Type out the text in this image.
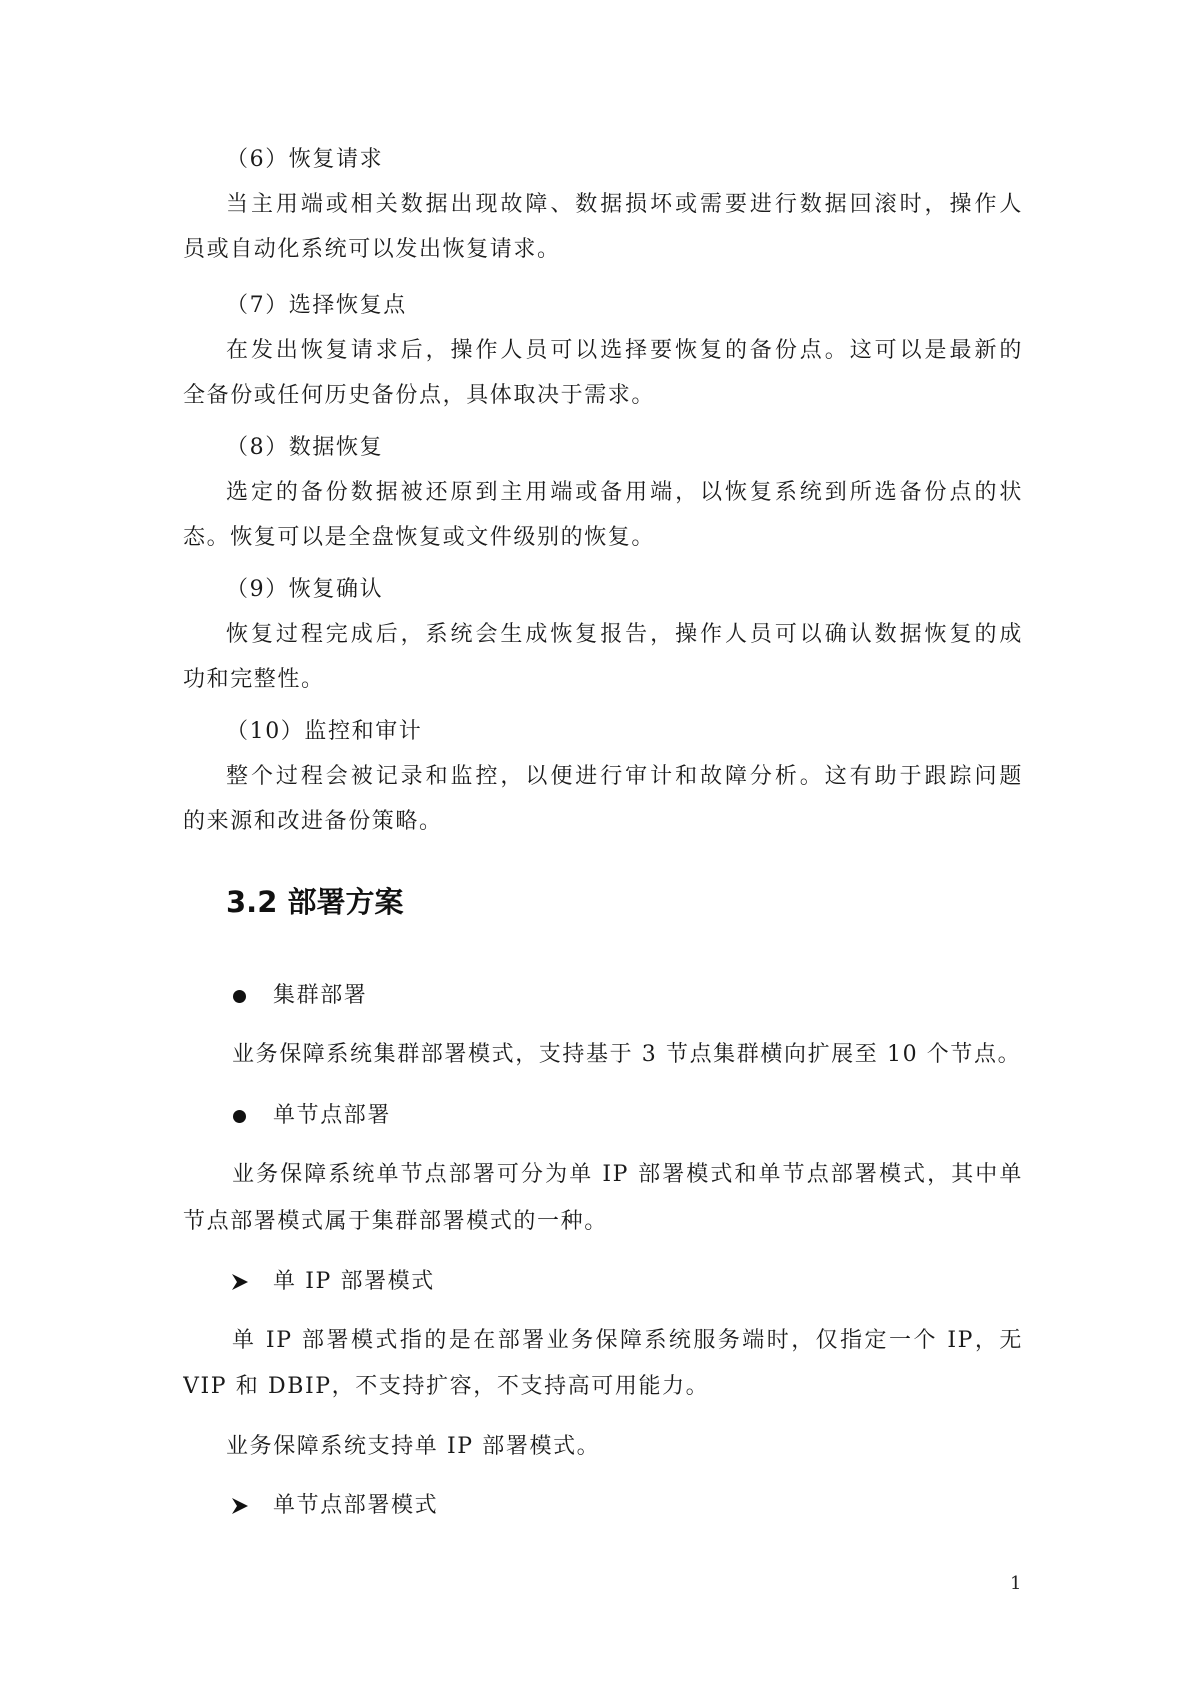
（6）恢复请求
当主用端或相关数据出现故障、数据损坏或需要进行数据回滚时，操作人
员或自动化系统可以发出恢复请求。
（7）选择恢复点
在发出恢复请求后，操作人员可以选择要恢复的备份点。这可以是最新的
全备份或任何历史备份点，具体取决于需求。
（8）数据恢复
选定的备份数据被还原到主用端或备用端，以恢复系统到所选备份点的状
态。恢复可以是全盘恢复或文件级别的恢复。
（9）恢复确认
恢复过程完成后，系统会生成恢复报告，操作人员可以确认数据恢复的成
功和完整性。
（10）监控和审计
整个过程会被记录和监控，以便进行审计和故障分析。这有助于跟踪问题
的来源和改进备份策略。
3.2 部署方案
集群部署
业务保障系统集群部署模式，支持基于 3 节点集群横向扩展至 10 个节点。
单节点部署
业务保障系统单节点部署可分为单 IP 部署模式和单节点部署模式，其中单
节点部署模式属于集群部署模式的一种。
单 IP 部署模式
单 IP 部署模式指的是在部署业务保障系统服务端时，仅指定一个 IP，无
VIP 和 DBIP，不支持扩容，不支持高可用能力。
业务保障系统支持单 IP 部署模式。
单节点部署模式
1
